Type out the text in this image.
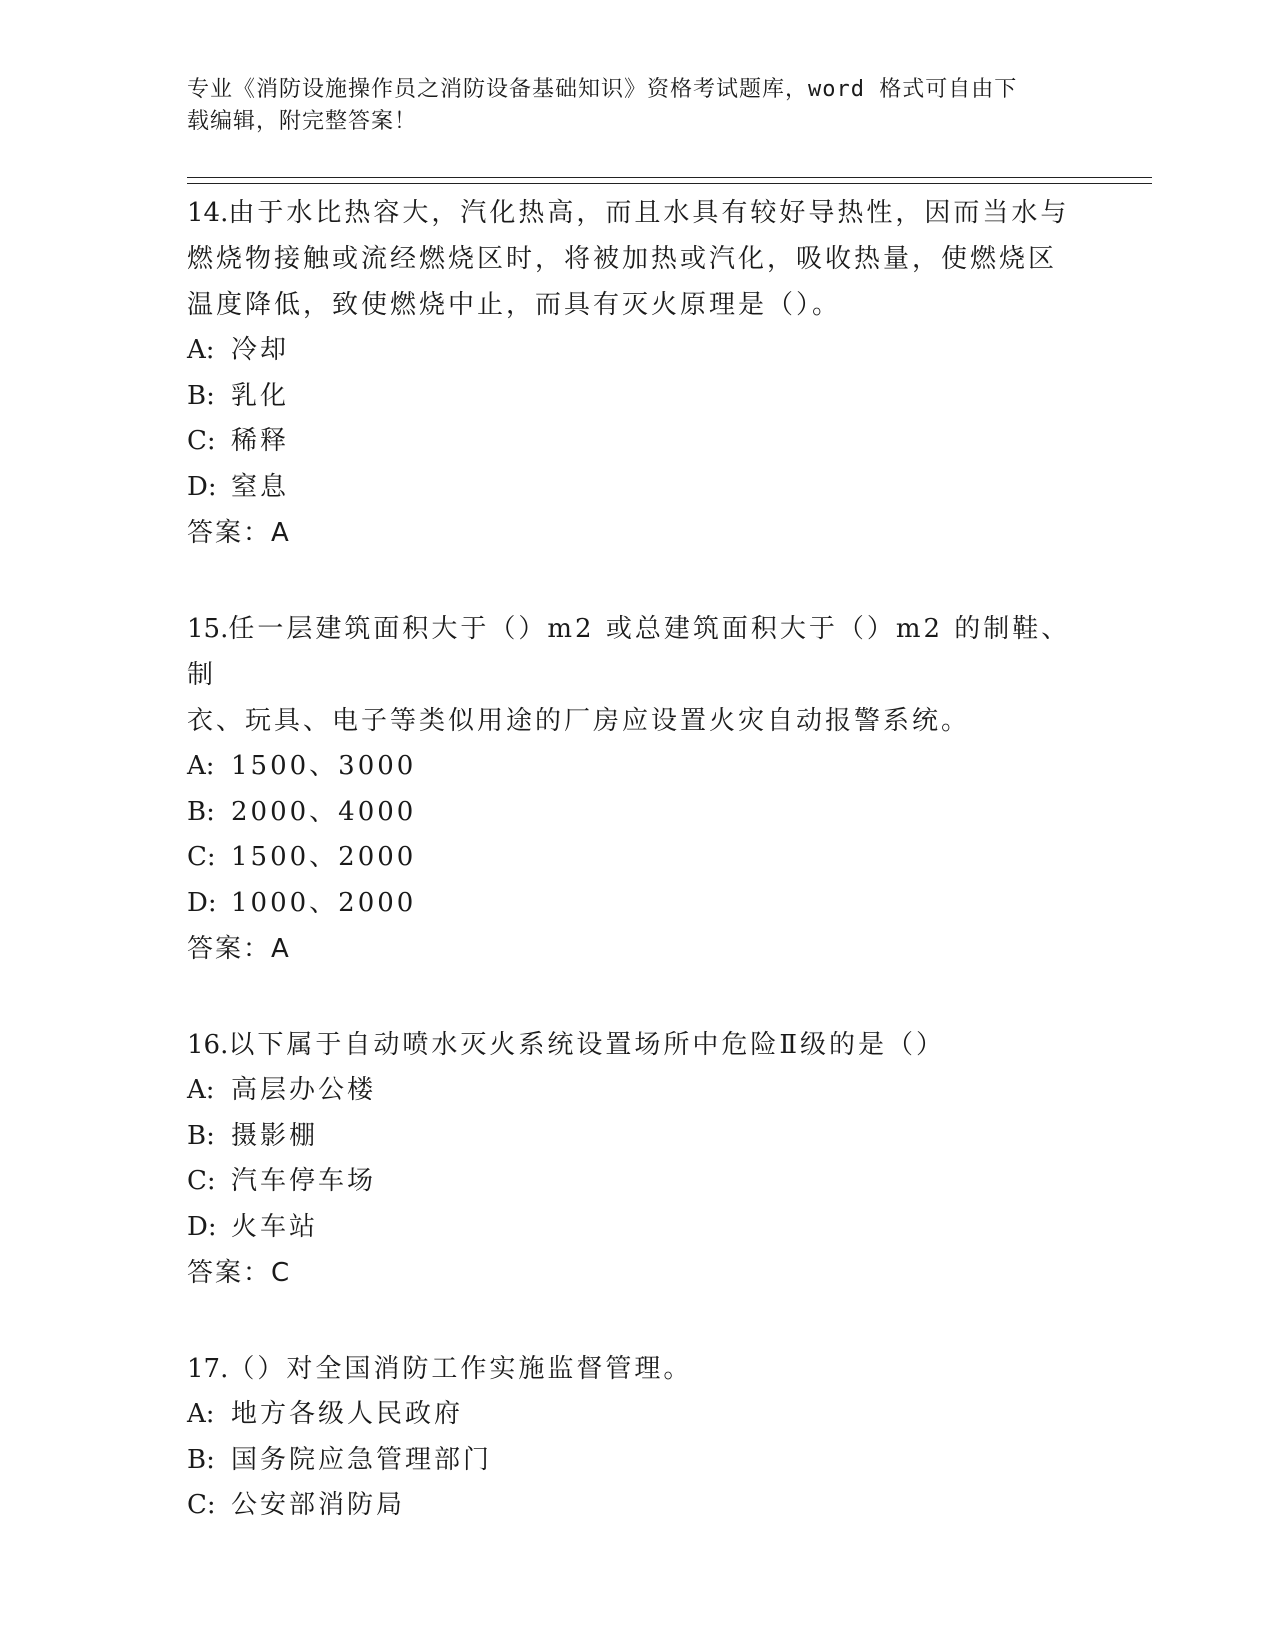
专业《消防设施操作员之消防设备基础知识》资格考试题库，word 格式可自由下
载编辑，附完整答案！
14.由于水比热容大，汽化热高，而且水具有较好导热性，因而当水与
燃烧物接触或流经燃烧区时，将被加热或汽化，吸收热量，使燃烧区
温度降低，致使燃烧中止，而具有灭火原理是（）。
A: 冷却
B: 乳化
C: 稀释
D: 窒息
答案：A
15.任一层建筑面积大于（）m2 或总建筑面积大于（）m2 的制鞋、制
衣、玩具、电子等类似用途的厂房应设置火灾自动报警系统。
A: 1500、3000
B: 2000、4000
C: 1500、2000
D: 1000、2000
答案：A
16.以下属于自动喷水灭火系统设置场所中危险Ⅱ级的是（）
A: 高层办公楼
B: 摄影棚
C: 汽车停车场
D: 火车站
答案：C
17.（）对全国消防工作实施监督管理。
A: 地方各级人民政府
B: 国务院应急管理部门
C: 公安部消防局
